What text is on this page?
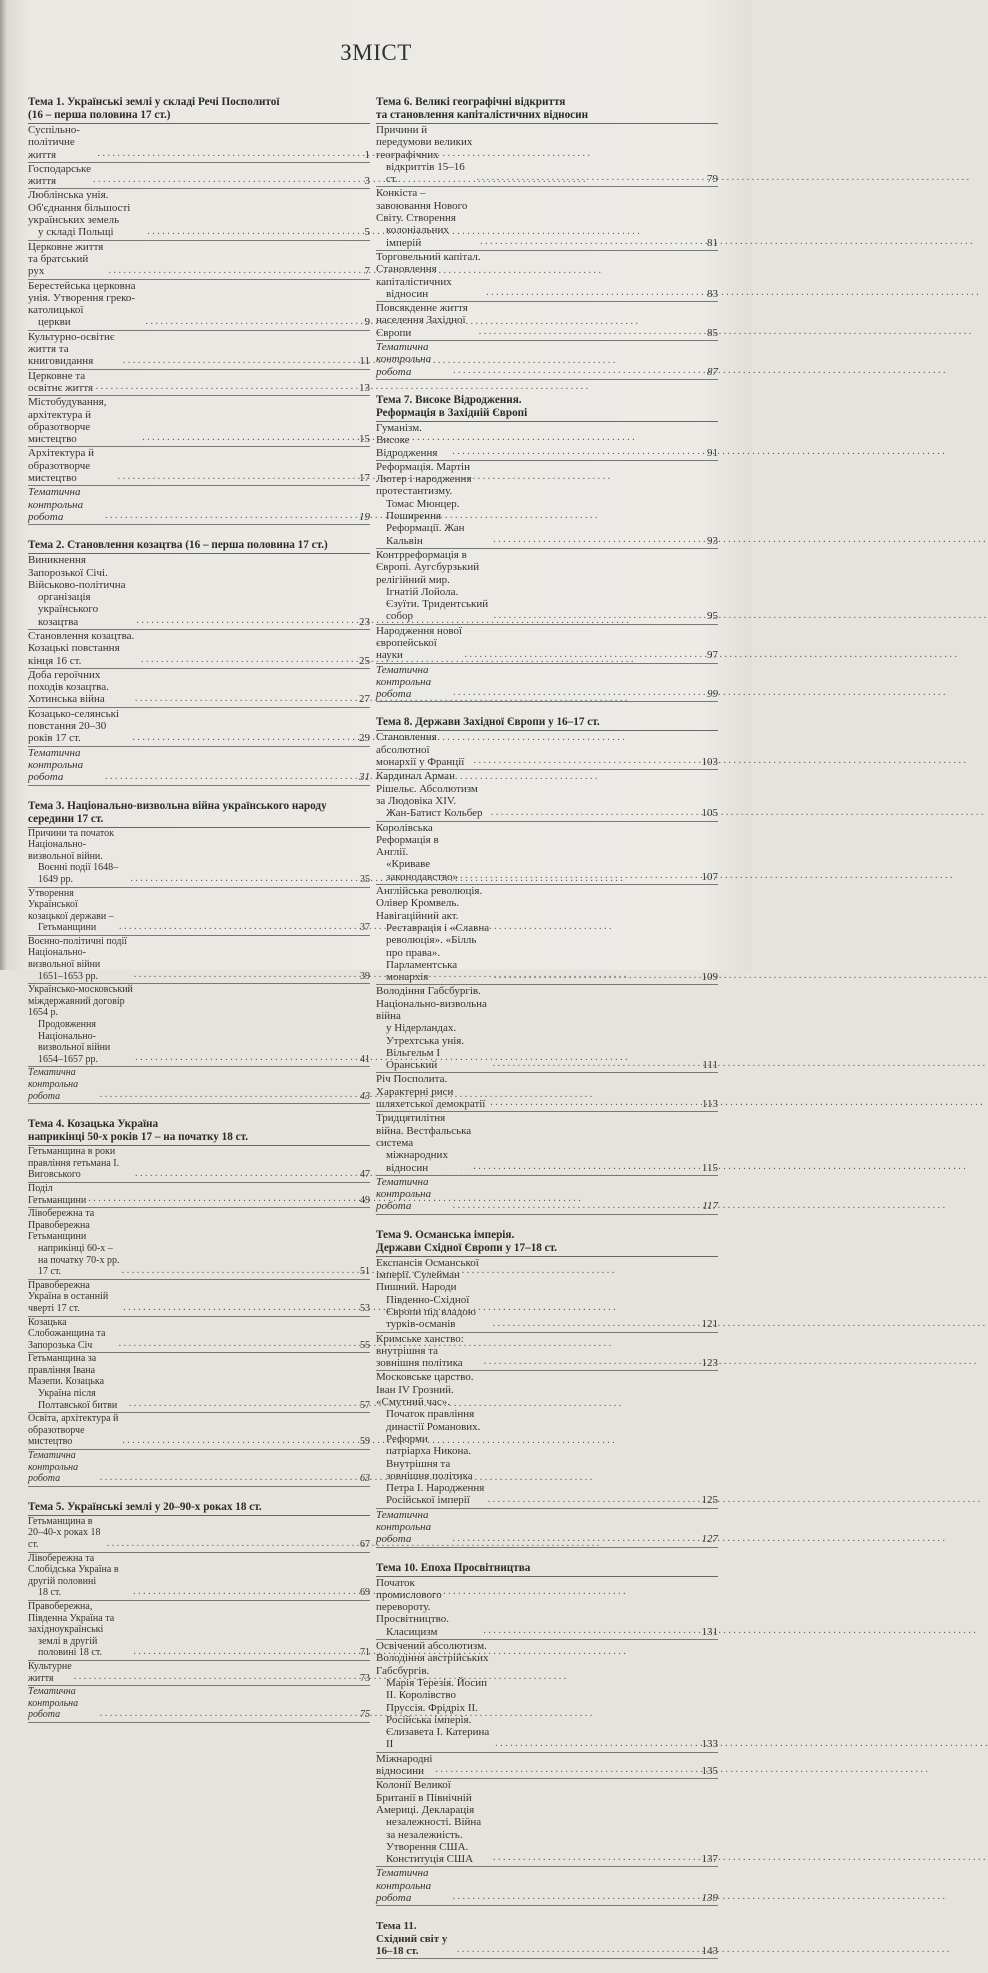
ЗМІСТ
Тема 1. Українські землі у складі Речі Посполитої
(16 – перша половина 17 ст.)
Суспільно-політичне життя . . .	1
Господарське життя . . .	3
Люблінська унія. Об'єднання більшості українських земель
у складі Польщі . . .	5
Церковне життя та братський рух . . .	7
Берестейська церковна унія. Утворення греко-католицької
церкви . . .	9
Культурно-освітнє життя та книговидання . . .	11
Церковне та освітнє життя . . .	13
Містобудування, архітектура й образотворче мистецтво . . .	15
Архітектура й образотворче мистецтво . . .	17
Тематична контрольна робота . . .	19
Тема 2. Становлення козацтва (16 – перша половина 17 ст.)
Виникнення Запорозької Січі. Військово-політична
організація українського козацтва . . .	23
Становлення козацтва. Козацькі повстання кінця 16 ст. . . .	25
Доба героїчних походів козацтва. Хотинська війна . . .	27
Козацько-селянські повстання 20–30 років 17 ст. . . .	29
Тематична контрольна робота . . .	31
Тема 3. Національно-визвольна війна українського народу
середини 17 ст.
Причини та початок Національно-визвольної війни.
Воєнні події 1648–1649 рр. . . .	35
Утворення Української козацької держави –
Гетьманщини . . .	37
Воєнно-політичні події Національно-визвольної війни
1651–1653 рр. . . .	39
Українсько-московський міждержавний договір 1654 р.
Продовження Національно-визвольної війни
1654–1657 рр. . . .	41
Тематична контрольна робота . . .	43
Тема 4. Козацька Україна
наприкінці 50-х років 17 – на початку 18 ст.
Гетьманщина в роки правління гетьмана І. Виговського . . .	47
Поділ Гетьманщини . . .	49
Лівобережна та Правобережна Гетьманщини
наприкінці 60-х – на початку 70-х рр. 17 ст. . . .	51
Правобережна Україна в останній чверті 17 ст. . . .	53
Козацька Слобожанщина та Запорозька Січ . . .	55
Гетьманщина за правління Івана Мазепи. Козацька
Україна після Полтавської битви . . .	57
Освіта, архітектура й образотворче мистецтво . . .	59
Тематична контрольна робота . . .	63
Тема 5. Українські землі у 20–90-х роках 18 ст.
Гетьманщина в 20–40-х роках 18 ст. . . .	67
Лівобережна та Слобідська Україна в другій половині
18 ст. . . .	69
Правобережна, Південна Україна та західноукраїнські
землі в другій половині 18 ст. . . .	71
Культурне життя . . .	73
Тематична контрольна робота . . .	75
Тема 6. Великі географічні відкриття
та становлення капіталістичних відносин
Причини й передумови великих географічних
відкриттів 15–16 ст. . . .	79
Конкіста – завоювання Нового Світу. Створення
колоніальних імперій . . .	81
Торговельний капітал. Становлення капіталістичних
відносин . . .	83
Повсякденне життя населення Західної Європи . . .	85
Тематична контрольна робота . . .	87
Тема 7. Високе Відродження.
Реформація в Західній Європі
Гуманізм. Високе Відродження . . .	91
Реформація. Мартін Лютер і народження протестантизму.
Томас Мюнцер. Поширення Реформації. Жан Кальвін . . .	93
Контрреформація в Європі. Аугсбурзький релігійний мир.
Ігнатій Лойола. Єзуїти. Тридентський собор . . .	95
Народження нової європейської науки . . .	97
Тематична контрольна робота . . .	99
Тема 8. Держави Західної Європи у 16–17 ст.
Становлення абсолютної монархії у Франції . . .	103
Кардинал Арман Рішельє. Абсолютизм за Людовіка XIV.
Жан-Батист Кольбер . . .	105
Королівська Реформація в Англії.
«Криваве законодавство» . . .	107
Англійська революція. Олівер Кромвель. Навігаційний акт.
Реставрація і «Славна революція». «Білль про права».
Парламентська монархія . . .	109
Володіння Габсбургів. Національно-визвольна війна
у Нідерландах. Утрехтська унія. Вільгельм І Оранський . . .	111
Річ Посполита. Характерні риси шляхетської демократії . . .	113
Тридцятилітня війна. Вестфальська система
міжнародних відносин . . .	115
Тематична контрольна робота . . .	117
Тема 9. Османська імперія.
Держави Східної Європи у 17–18 ст.
Експансія Османської імперії. Сулейман Пишний. Народи
Південно-Східної Європи під владою турків-османів . . .	121
Кримське ханство: внутрішня та зовнішня політика . . .	123
Московське царство. Іван IV Грозний. «Смутний час».
Початок правління династії Романових. Реформи
патріарха Никона. Внутрішня та зовнішня політика
Петра І. Народження Російської імперії . . .	125
Тематична контрольна робота . . .	127
Тема 10. Епоха Просвітництва
Початок промислового перевороту. Просвітництво.
Класицизм . . .	131
Освічений абсолютизм. Володіння австрійських Габсбургів.
Марія Терезія. Йосип ІІ. Королівство Пруссія. Фрідріх ІІ.
Російська імперія. Єлизавета І. Катерина ІІ . . .	133
Міжнародні відносини . . .	135
Колонії Великої Британії в Північній Америці. Декларація
незалежності. Війна за незалежність. Утворення США.
Конституція США . . .	137
Тематична контрольна робота . . .	139
Тема 11. Східний світ у 16–18 ст. . . .	143
